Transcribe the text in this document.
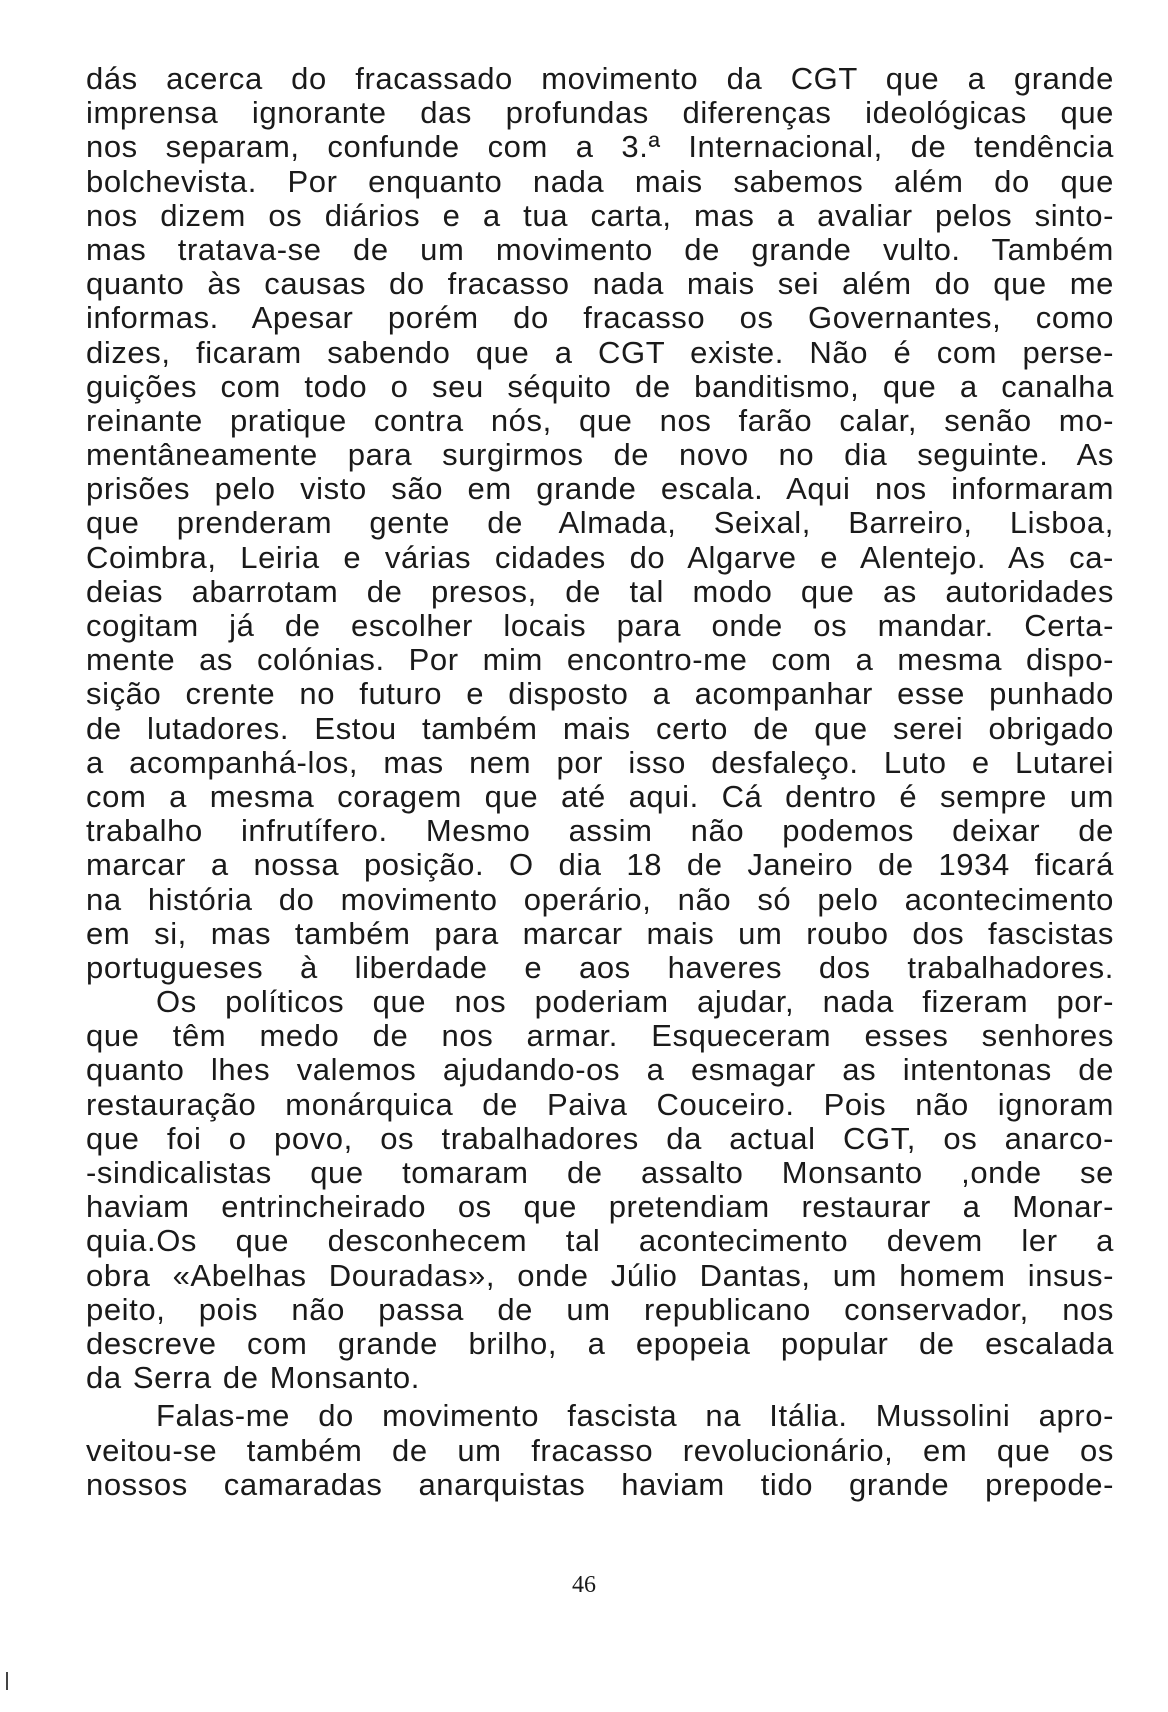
dás acerca do fracassado movimento da CGT que a grande
imprensa ignorante das profundas diferenças ideológicas que
nos separam, confunde com a 3.ª Internacional, de tendência
bolchevista. Por enquanto nada mais sabemos além do que
nos dizem os diários e a tua carta, mas a avaliar pelos sinto-
mas tratava-se de um movimento de grande vulto. Também
quanto às causas do fracasso nada mais sei além do que me
informas. Apesar porém do fracasso os Governantes, como
dizes, ficaram sabendo que a CGT existe. Não é com perse-
guições com todo o seu séquito de banditismo, que a canalha
reinante pratique contra nós, que nos farão calar, senão mo-
mentâneamente para surgirmos de novo no dia seguinte. As
prisões pelo visto são em grande escala. Aqui nos informaram
que prenderam gente de Almada, Seixal, Barreiro, Lisboa,
Coimbra, Leiria e várias cidades do Algarve e Alentejo. As ca-
deias abarrotam de presos, de tal modo que as autoridades
cogitam já de escolher locais para onde os mandar. Certa-
mente as colónias. Por mim encontro-me com a mesma dispo-
sição crente no futuro e disposto a acompanhar esse punhado
de lutadores. Estou também mais certo de que serei obrigado
a acompanhá-los, mas nem por isso desfaleço. Luto e Lutarei
com a mesma coragem que até aqui. Cá dentro é sempre um
trabalho infrutífero. Mesmo assim não podemos deixar de
marcar a nossa posição. O dia 18 de Janeiro de 1934 ficará
na história do movimento operário, não só pelo acontecimento
em si, mas também para marcar mais um roubo dos fascistas
portugueses à liberdade e aos haveres dos trabalhadores.
Os políticos que nos poderiam ajudar, nada fizeram por-
que têm medo de nos armar. Esqueceram esses senhores
quanto lhes valemos ajudando-os a esmagar as intentonas de
restauração monárquica de Paiva Couceiro. Pois não ignoram
que foi o povo, os trabalhadores da actual CGT, os anarco-
-sindicalistas que tomaram de assalto Monsanto ,onde se
haviam entrincheirado os que pretendiam restaurar a Monar-
quia.Os que desconhecem tal acontecimento devem ler a
obra «Abelhas Douradas», onde Júlio Dantas, um homem insus-
peito, pois não passa de um republicano conservador, nos
descreve com grande brilho, a epopeia popular de escalada
da Serra de Monsanto.
Falas-me do movimento fascista na Itália. Mussolini apro-
veitou-se também de um fracasso revolucionário, em que os
nossos camaradas anarquistas haviam tido grande prepode-
46
